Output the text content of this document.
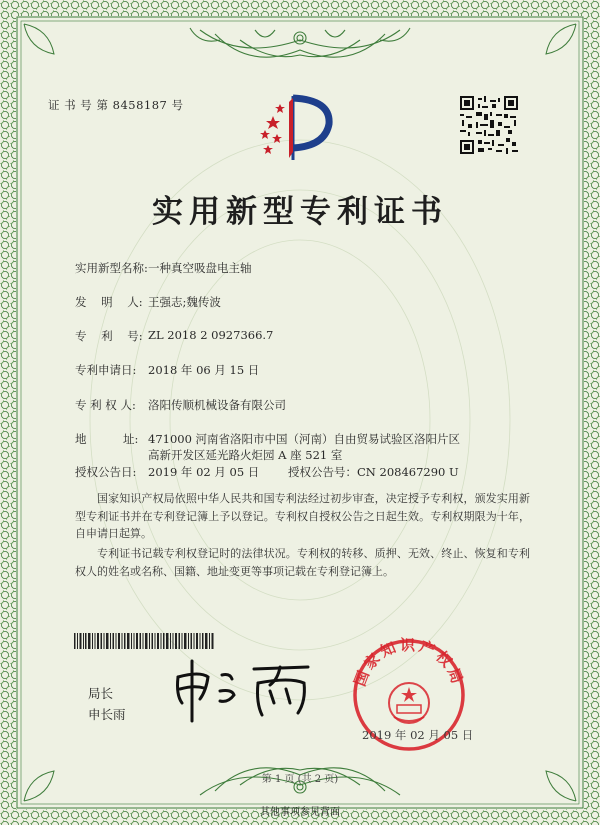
证 书 号 第 8458187 号
实用新型专利证书
实用新型名称: 一种真空吸盘电主轴
发    明    人: 王强志;魏传波
专    利    号: ZL 2018 2 0927366.7
专利申请日: 2018 年 06 月 15 日
专 利 权 人: 洛阳传顺机械设备有限公司
地          址: 471000 河南省洛阳市中国（河南）自由贸易试验区洛阳片区高新开发区延光路火炬园 A 座 521 室
授权公告日: 2019 年 02 月 05 日 授权公告号：CN 208467290 U
国家知识产权局依照中华人民共和国专利法经过初步审查，决定授予专利权，颁发实用新型专利证书并在专利登记簿上予以登记。专利权自授权公告之日起生效。专利权期限为十年，自申请日起算。
专利证书记载专利权登记时的法律状况。专利权的转移、质押、无效、终止、恢复和专利权人的姓名或名称、国籍、地址变更等事项记载在专利登记簿上。
局长
申长雨
国家知识产权局
2019 年 02 月 05 日
第 1 页 (共 2 页)
其他事项参见背面
